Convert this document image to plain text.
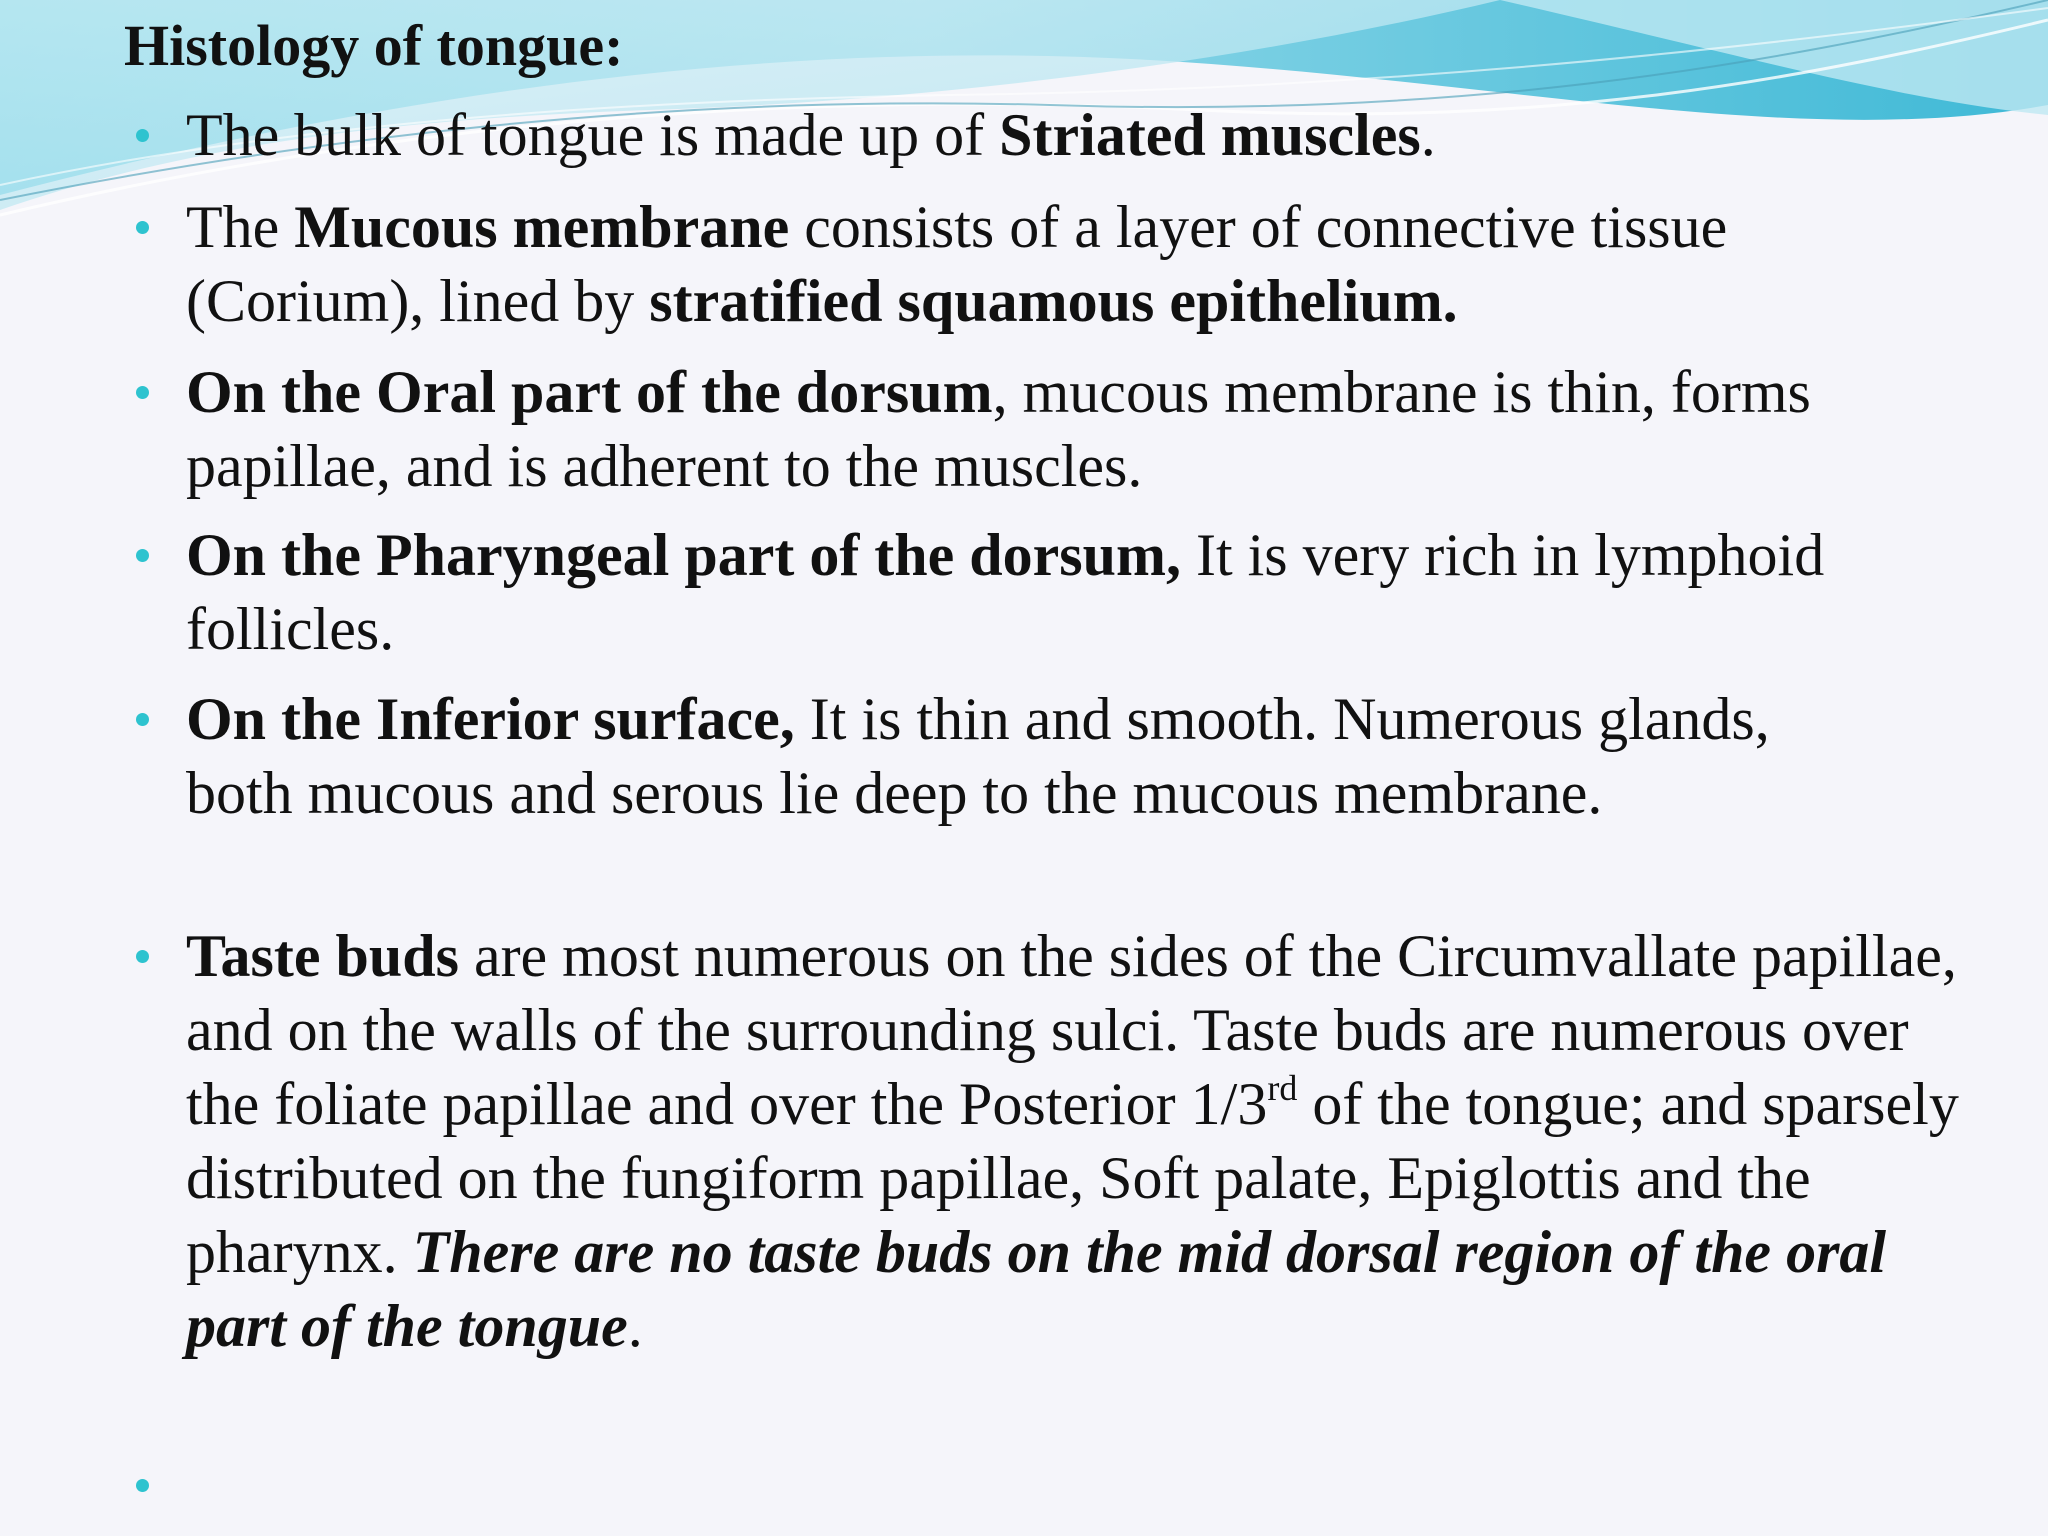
Histology of tongue:
The bulk of tongue is made up of Striated muscles.
The Mucous membrane consists of a layer of connective tissue (Corium), lined by stratified squamous epithelium.
On the Oral part of the dorsum, mucous membrane is thin, forms papillae, and is adherent to the muscles.
On the Pharyngeal part of the dorsum, It is very rich in lymphoid follicles.
On the Inferior surface, It is thin and smooth. Numerous glands, both mucous and serous lie deep to the mucous membrane.
Taste buds are most numerous on the sides of the Circumvallate papillae, and on the walls of the surrounding sulci. Taste buds are numerous over the foliate papillae and over the Posterior 1/3rd of the tongue; and sparsely distributed on the fungiform papillae, Soft palate, Epiglottis and the pharynx. There are no taste buds on the mid dorsal region of the oral part of the tongue.
